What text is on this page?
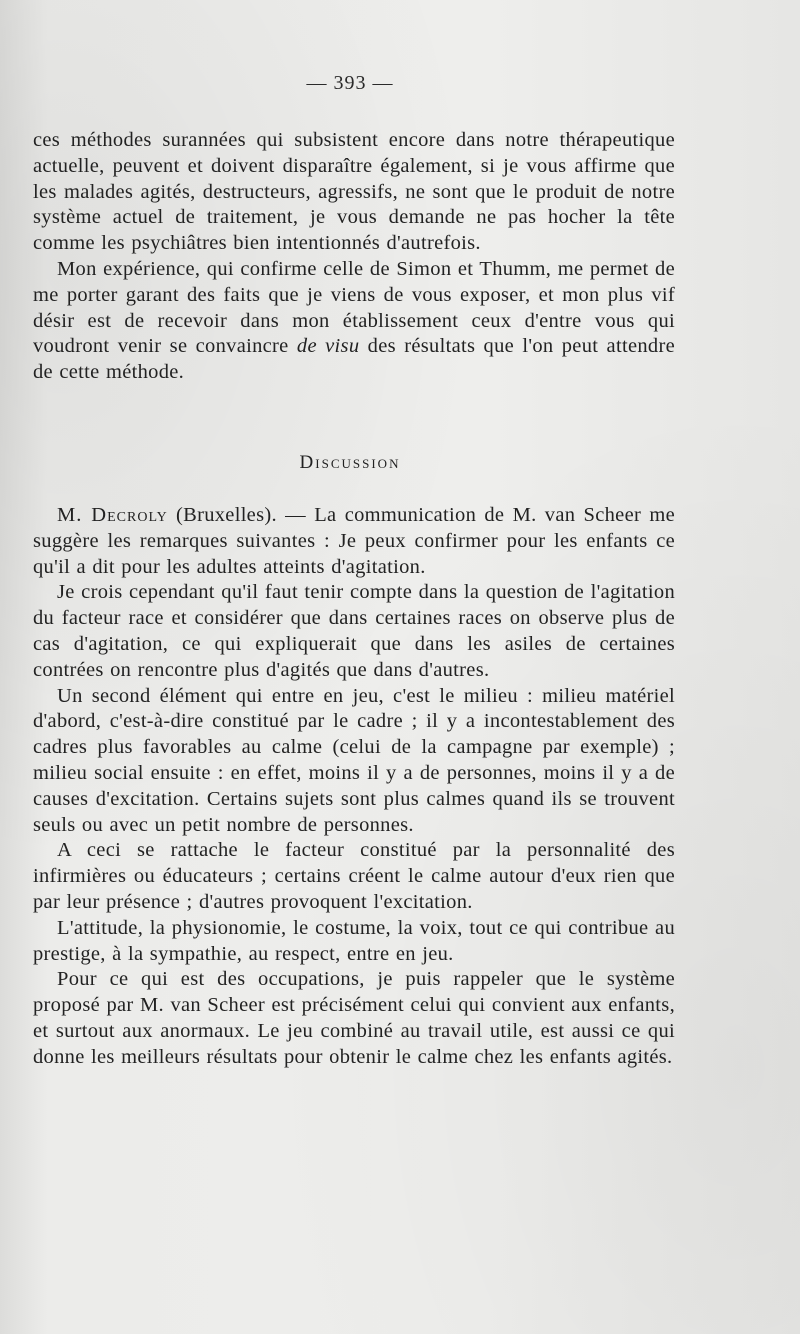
— 393 —

ces méthodes surannées qui subsistent encore dans notre thérapeutique actuelle, peuvent et doivent disparaître également, si je vous affirme que les malades agités, destructeurs, agressifs, ne sont que le produit de notre système actuel de traitement, je vous demande ne pas hocher la tête comme les psychiâtres bien intentionnés d'autrefois.

Mon expérience, qui confirme celle de Simon et Thumm, me permet de me porter garant des faits que je viens de vous exposer, et mon plus vif désir est de recevoir dans mon établissement ceux d'entre vous qui voudront venir se convaincre de visu des résultats que l'on peut attendre de cette méthode.

Discussion

M. Decroly (Bruxelles). — La communication de M. van Scheer me suggère les remarques suivantes : Je peux confirmer pour les enfants ce qu'il a dit pour les adultes atteints d'agitation.

Je crois cependant qu'il faut tenir compte dans la question de l'agitation du facteur race et considérer que dans certaines races on observe plus de cas d'agitation, ce qui expliquerait que dans les asiles de certaines contrées on rencontre plus d'agités que dans d'autres.

Un second élément qui entre en jeu, c'est le milieu : milieu matériel d'abord, c'est-à-dire constitué par le cadre ; il y a incontestablement des cadres plus favorables au calme (celui de la campagne par exemple) ; milieu social ensuite : en effet, moins il y a de personnes, moins il y a de causes d'excitation. Certains sujets sont plus calmes quand ils se trouvent seuls ou avec un petit nombre de personnes.

A ceci se rattache le facteur constitué par la personnalité des infirmières ou éducateurs ; certains créent le calme autour d'eux rien que par leur présence ; d'autres provoquent l'excitation.

L'attitude, la physionomie, le costume, la voix, tout ce qui contribue au prestige, à la sympathie, au respect, entre en jeu.

Pour ce qui est des occupations, je puis rappeler que le système proposé par M. van Scheer est précisément celui qui convient aux enfants, et surtout aux anormaux. Le jeu combiné au travail utile, est aussi ce qui donne les meilleurs résultats pour obtenir le calme chez les enfants agités.
